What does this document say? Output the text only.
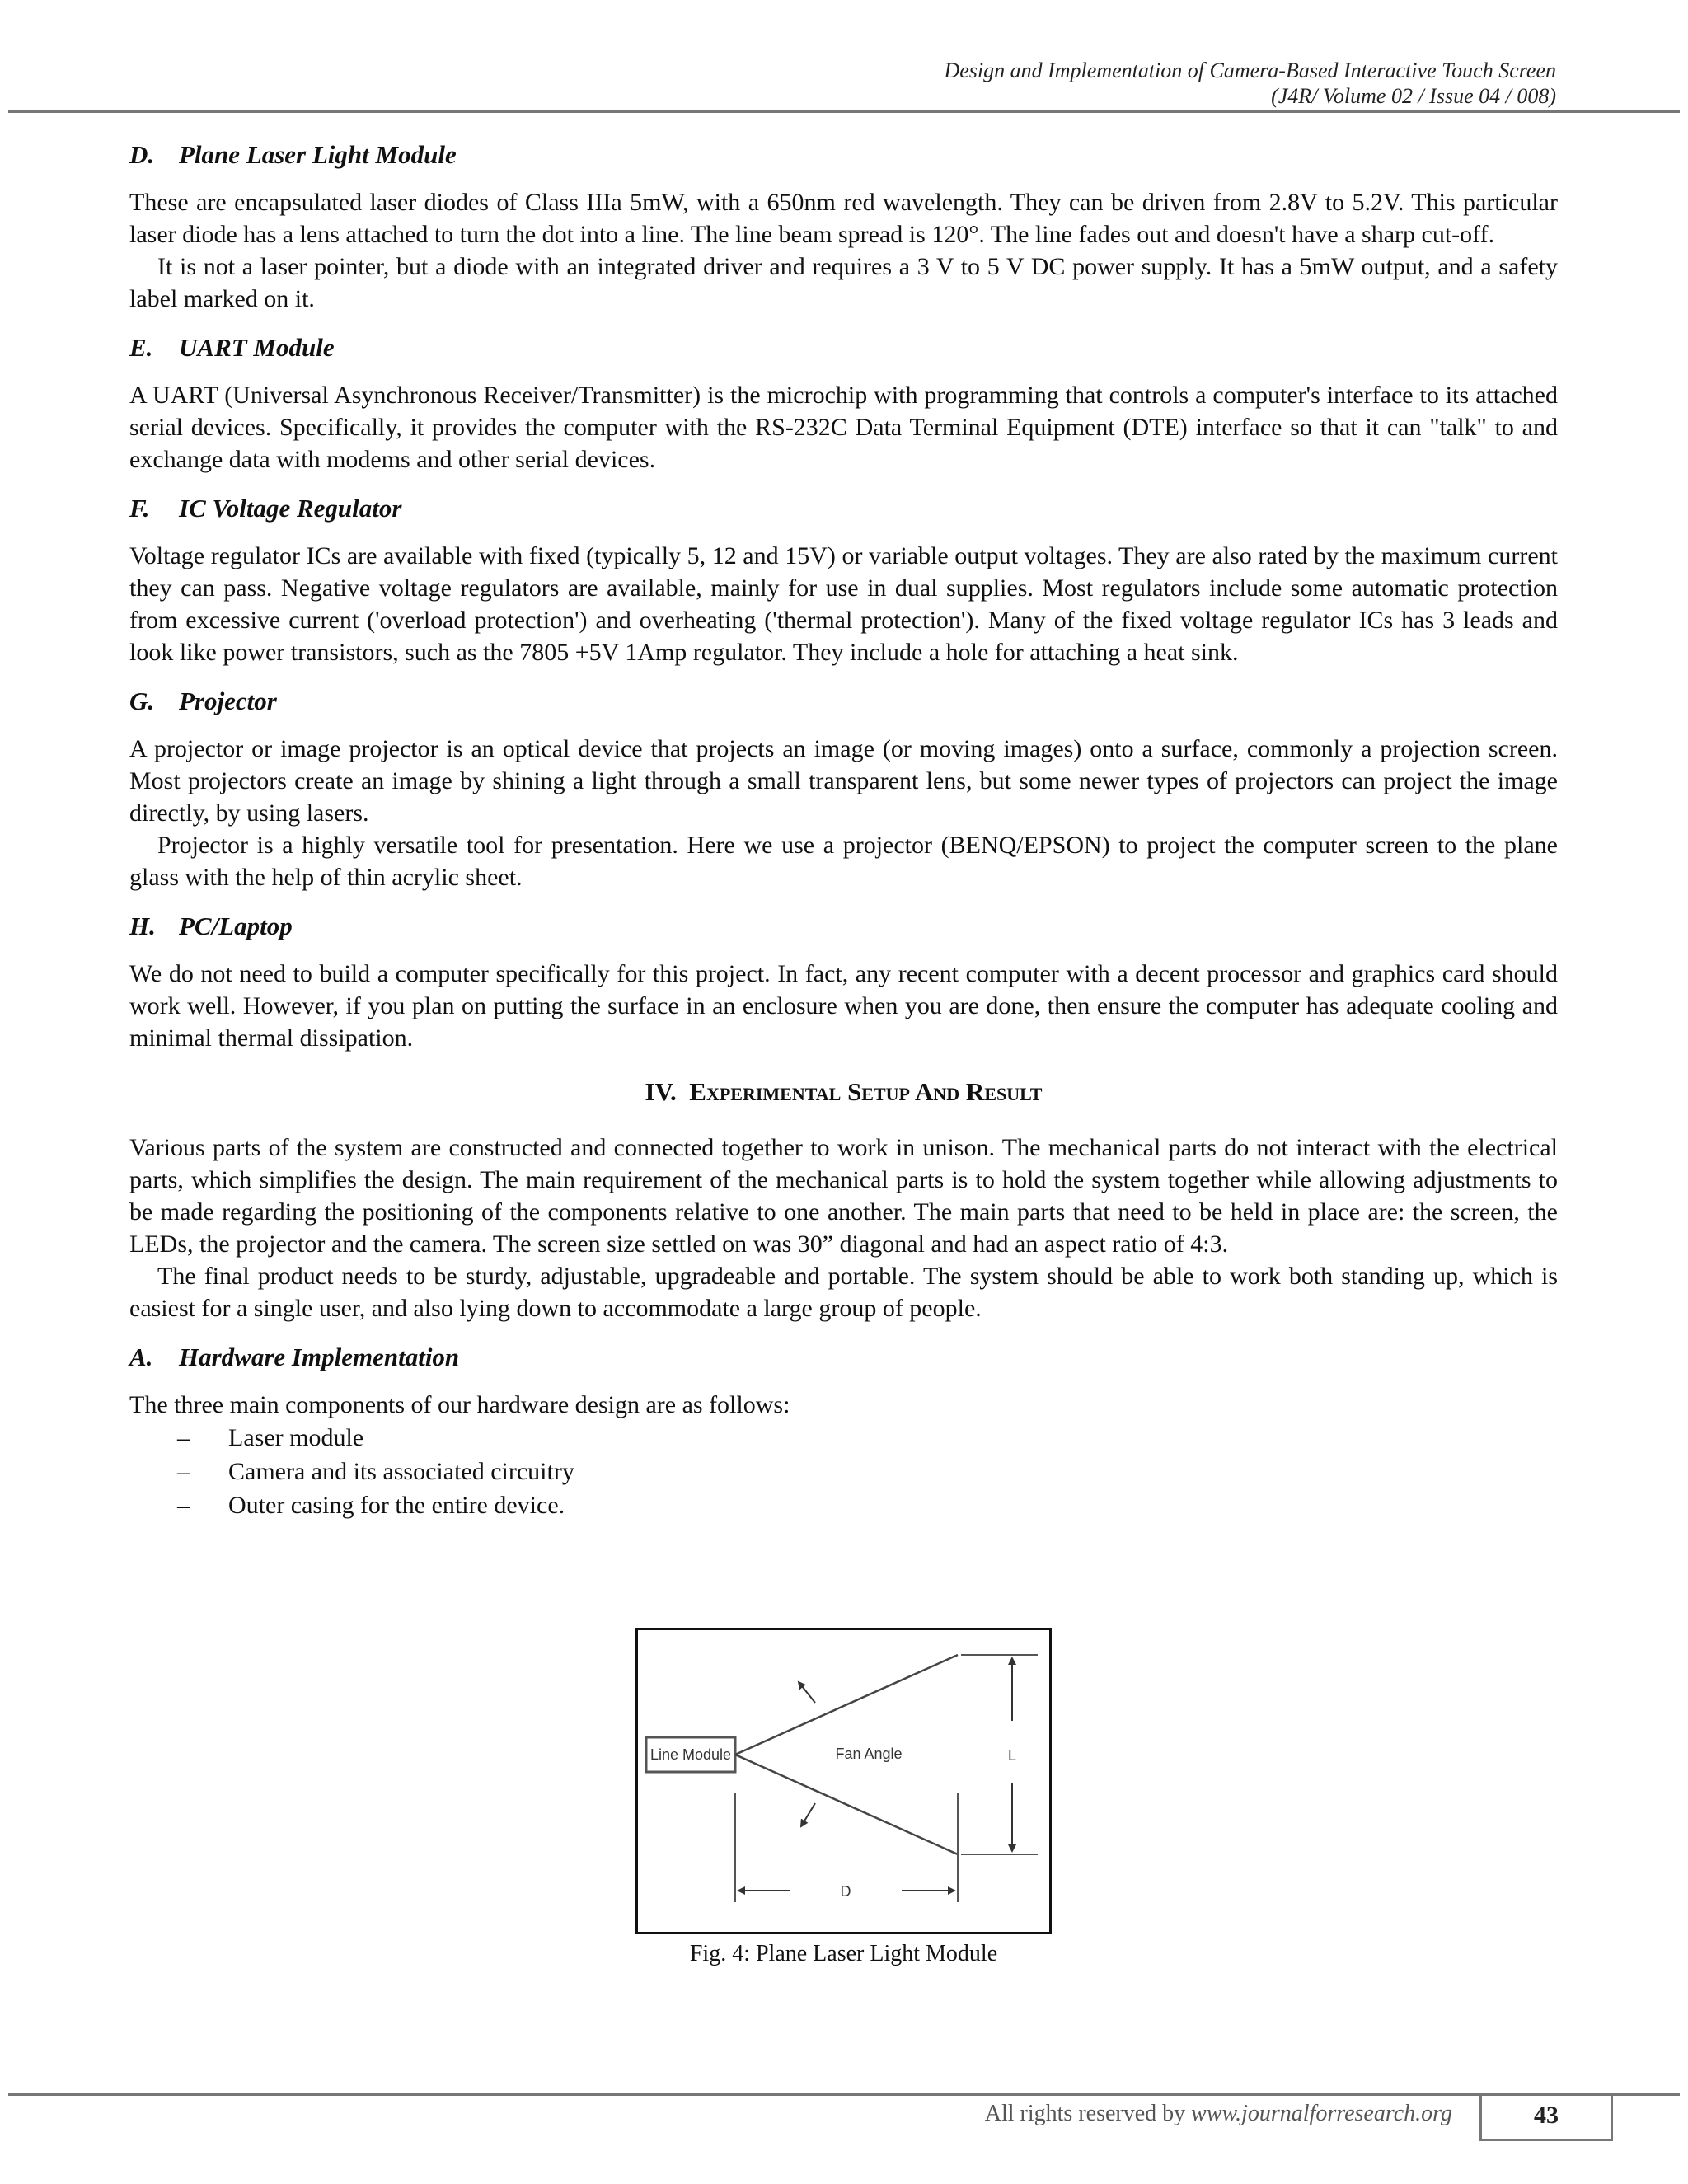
Design and Implementation of Camera-Based Interactive Touch Screen
(J4R/ Volume 02 / Issue 04 / 008)
D. Plane Laser Light Module

These are encapsulated laser diodes of Class IIIa 5mW, with a 650nm red wavelength. They can be driven from 2.8V to 5.2V. This particular laser diode has a lens attached to turn the dot into a line. The line beam spread is 120°. The line fades out and doesn't have a sharp cut-off.

It is not a laser pointer, but a diode with an integrated driver and requires a 3 V to 5 V DC power supply. It has a 5mW output, and a safety label marked on it.

E. UART Module

A UART (Universal Asynchronous Receiver/Transmitter) is the microchip with programming that controls a computer's interface to its attached serial devices. Specifically, it provides the computer with the RS-232C Data Terminal Equipment (DTE) interface so that it can "talk" to and exchange data with modems and other serial devices.

F. IC Voltage Regulator

Voltage regulator ICs are available with fixed (typically 5, 12 and 15V) or variable output voltages. They are also rated by the maximum current they can pass. Negative voltage regulators are available, mainly for use in dual supplies. Most regulators include some automatic protection from excessive current ('overload protection') and overheating ('thermal protection'). Many of the fixed voltage regulator ICs has 3 leads and look like power transistors, such as the 7805 +5V 1Amp regulator. They include a hole for attaching a heat sink.

G. Projector

A projector or image projector is an optical device that projects an image (or moving images) onto a surface, commonly a projection screen. Most projectors create an image by shining a light through a small transparent lens, but some newer types of projectors can project the image directly, by using lasers.

Projector is a highly versatile tool for presentation. Here we use a projector (BENQ/EPSON) to project the computer screen to the plane glass with the help of thin acrylic sheet.

H. PC/Laptop

We do not need to build a computer specifically for this project. In fact, any recent computer with a decent processor and graphics card should work well. However, if you plan on putting the surface in an enclosure when you are done, then ensure the computer has adequate cooling and minimal thermal dissipation.

IV. Experimental Setup And Result

Various parts of the system are constructed and connected together to work in unison. The mechanical parts do not interact with the electrical parts, which simplifies the design. The main requirement of the mechanical parts is to hold the system together while allowing adjustments to be made regarding the positioning of the components relative to one another. The main parts that need to be held in place are: the screen, the LEDs, the projector and the camera. The screen size settled on was 30” diagonal and had an aspect ratio of 4:3.

The final product needs to be sturdy, adjustable, upgradeable and portable. The system should be able to work both standing up, which is easiest for a single user, and also lying down to accommodate a large group of people.

A. Hardware Implementation

The three main components of our hardware design are as follows:

– Laser module
– Camera and its associated circuitry
– Outer casing for the entire device.
Line Module	Fan Angle
D
L
Fig. 4: Plane Laser Light Module
All rights reserved by www.journalforresearch.org	43
